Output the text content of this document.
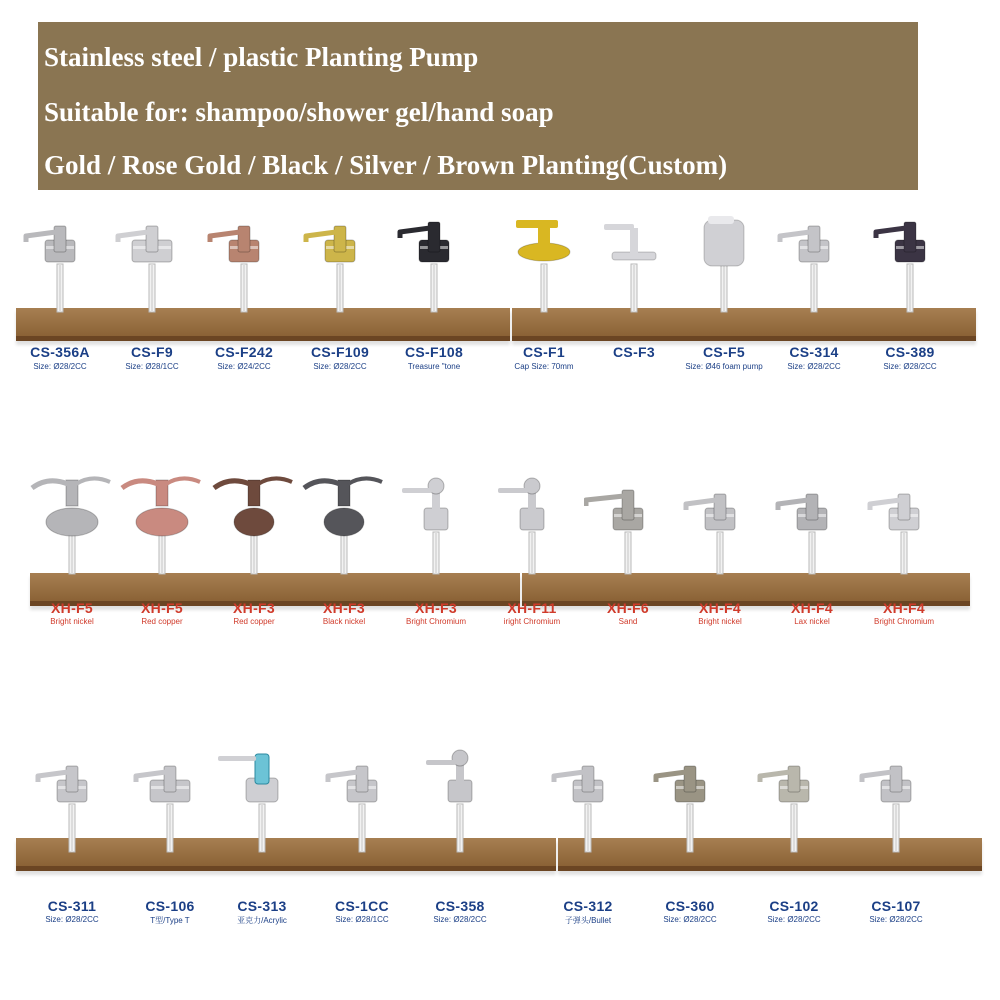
Stainless steel / plastic Planting Pump
Suitable for: shampoo/shower gel/hand soap
Gold / Rose Gold / Black / Silver / Brown Planting(Custom)
CS-356A
Size: Ø28/2CC
CS-F9
Size: Ø28/1CC
CS-F242
Size: Ø24/2CC
CS-F109
Size: Ø28/2CC
CS-F108
Treasure "tone
CS-F1
Cap Size: 70mm
CS-F3	CS-F5
Size: Ø46 foam pump
CS-314
Size: Ø28/2CC
CS-389
Size: Ø28/2CC
XH-F5
Bright nickel
XH-F5
Red copper
XH-F3
Red copper
XH-F3
Black nickel
XH-F3
Bright Chromium
XH-F11
iright Chromium
XH-F6
Sand
XH-F4
Bright nickel
XH-F4
Lax nickel
XH-F4
Bright Chromium
CS-311
Size: Ø28/2CC
CS-106
T型/Type T
CS-313
亚克力/Acrylic
CS-1CC
Size: Ø28/1CC
CS-358
Size: Ø28/2CC
CS-312
子弹头/Bullet
CS-360
Size: Ø28/2CC
CS-102
Size: Ø28/2CC
CS-107
Size: Ø28/2CC
